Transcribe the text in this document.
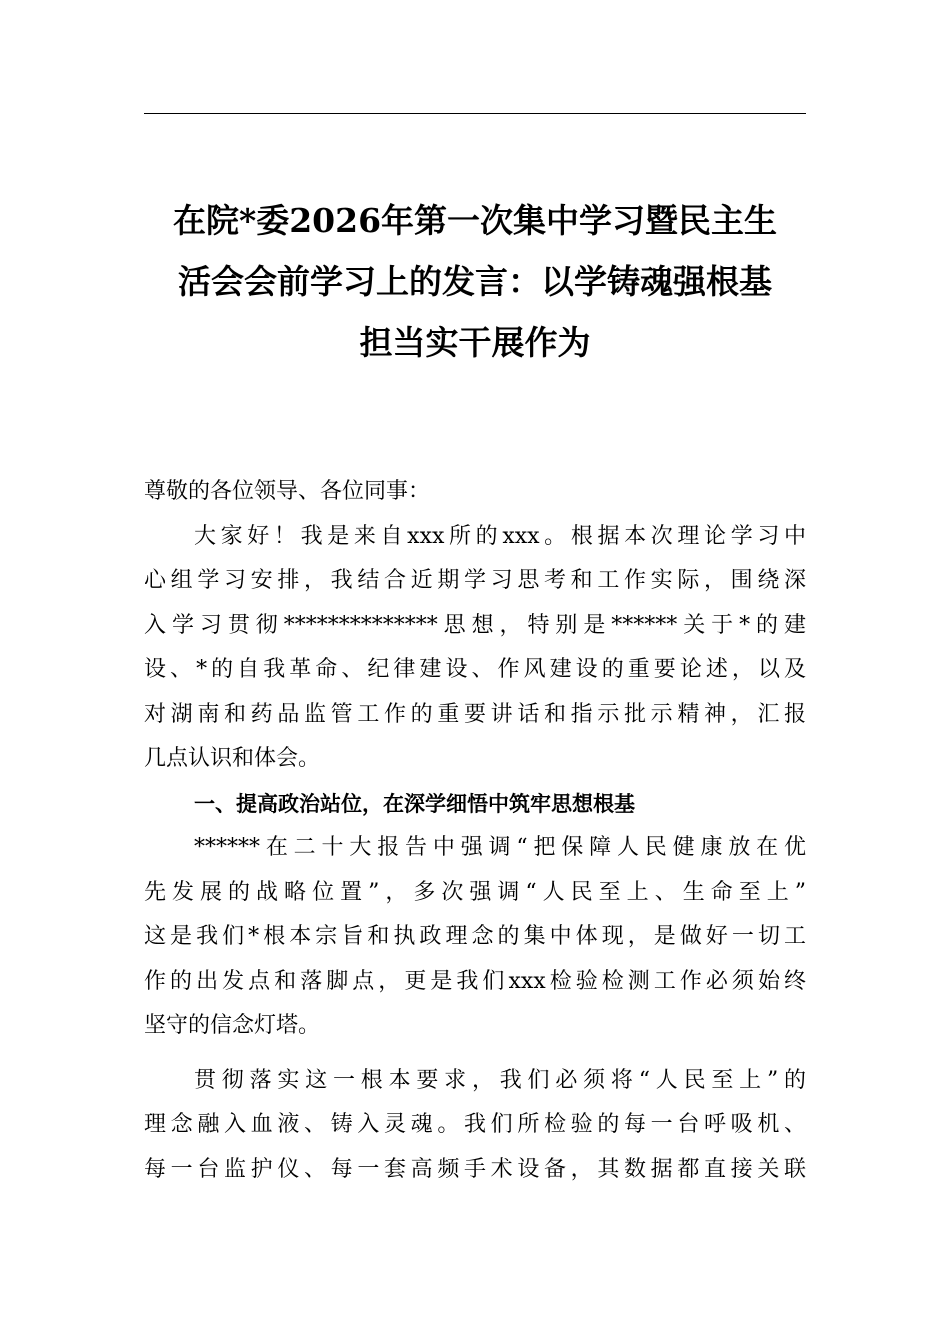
在院*委2026年第一次集中学习暨民主生
活会会前学习上的发言：以学铸魂强根基
担当实干展作为
尊敬的各位领导、各位同事：
大家好！我是来自xxx所的xxx。根据本次理论学习中
心组学习安排，我结合近期学习思考和工作实际，围绕深
入学习贯彻**************思想，特别是******关于*的建
设、*的自我革命、纪律建设、作风建设的重要论述，以及
对湖南和药品监管工作的重要讲话和指示批示精神，汇报
几点认识和体会。
一、提高政治站位，在深学细悟中筑牢思想根基
******在二十大报告中强调“把保障人民健康放在优
先发展的战略位置”，多次强调“人民至上、生命至上”
这是我们*根本宗旨和执政理念的集中体现，是做好一切工
作的出发点和落脚点，更是我们xxx检验检测工作必须始终
坚守的信念灯塔。
贯彻落实这一根本要求，我们必须将“人民至上”的
理念融入血液、铸入灵魂。我们所检验的每一台呼吸机、
每一台监护仪、每一套高频手术设备，其数据都直接关联
